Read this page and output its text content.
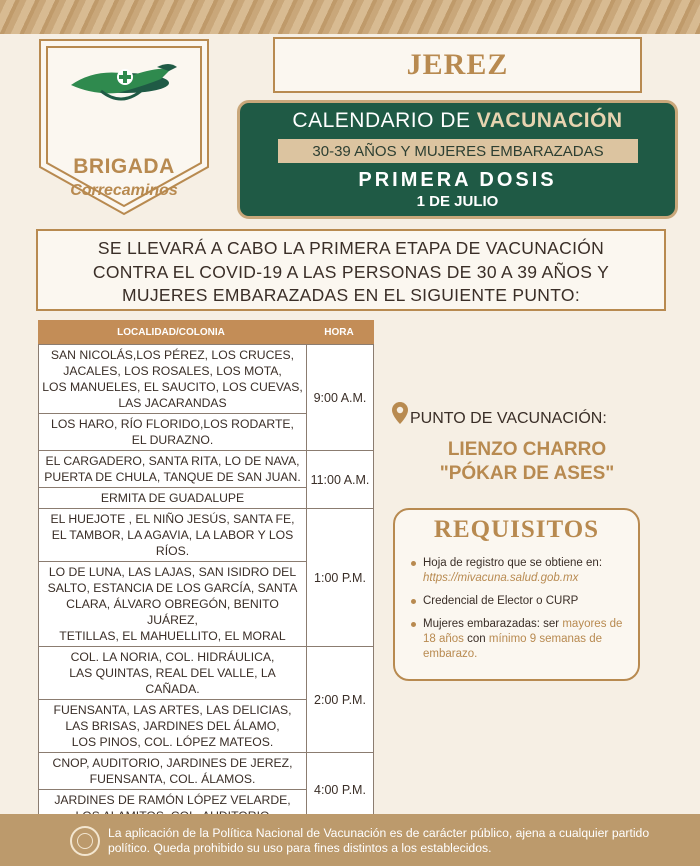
BRIGADA
Correcaminos
JEREZ
CALENDARIO DE VACUNACIÓN
30-39 AÑOS Y MUJERES EMBARAZADAS
PRIMERA DOSIS
1 DE JULIO
SE LLEVARÁ A CABO LA PRIMERA ETAPA DE VACUNACIÓN
CONTRA EL COVID-19 A LAS PERSONAS DE 30 A 39 AÑOS Y
MUJERES EMBARAZADAS EN EL SIGUIENTE PUNTO:
LOCALIDAD/COLONIA	HORA
SAN NICOLÁS,LOS PÉREZ, LOS CRUCES,
JACALES, LOS ROSALES, LOS MOTA,
LOS MANUELES, EL SAUCITO, LOS CUEVAS,
LAS JACARANDAS
LOS HARO, RÍO FLORIDO,LOS RODARTE,
EL DURAZNO.
9:00 A.M.
EL CARGADERO, SANTA RITA, LO DE NAVA,
PUERTA DE CHULA, TANQUE DE SAN JUAN.
ERMITA DE GUADALUPE
11:00 A.M.
EL HUEJOTE , EL NIÑO JESÚS, SANTA FE,
EL TAMBOR, LA AGAVIA, LA LABOR Y LOS RÍOS.
LO DE LUNA, LAS LAJAS, SAN ISIDRO DEL
SALTO, ESTANCIA DE LOS GARCÍA, SANTA
CLARA, ÁLVARO OBREGÓN, BENITO JUÁREZ,
TETILLAS, EL MAHUELLITO, EL MORAL
1:00 P.M.
COL. LA NORIA, COL. HIDRÁULICA,
LAS QUINTAS, REAL DEL VALLE, LA CAÑADA.
FUENSANTA, LAS ARTES, LAS DELICIAS,
LAS BRISAS, JARDINES DEL ÁLAMO,
LOS PINOS, COL. LÓPEZ MATEOS.
2:00 P.M.
CNOP, AUDITORIO, JARDINES DE JEREZ,
FUENSANTA, COL. ÁLAMOS.
JARDINES DE RAMÓN LÓPEZ VELARDE,
4:00 P.M.
PUNTO DE VACUNACIÓN:
LIENZO CHARRO
"PÓKAR DE ASES"
REQUISITOS
Hoja de registro que se obtiene en: https://mivacuna.salud.gob.mx
Credencial de Elector o CURP
Mujeres embarazadas: ser mayores de 18 años con mínimo 9 semanas de embarazo.
La aplicación de la Política Nacional de Vacunación es de carácter público, ajena a cualquier partido político. Queda prohibido su uso para fines distintos a los establecidos.
